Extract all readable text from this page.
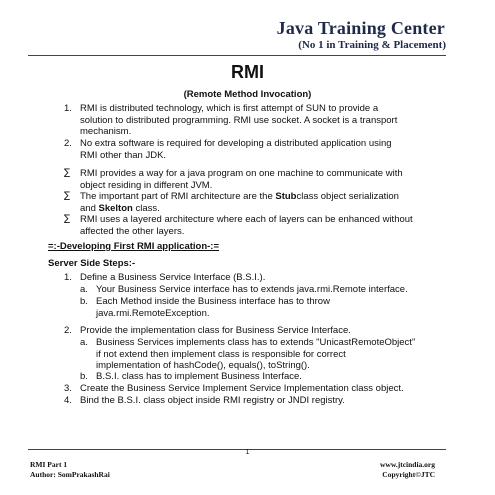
Java Training Center
(No 1 in Training & Placement)
RMI
(Remote Method Invocation)
1. RMI is distributed technology, which is first attempt of SUN to provide a
solution to distributed programming. RMI use socket. A socket is a transport
mechanism.
2. No extra software is required for developing a distributed application using
RMI other than JDK.
∑ RMI provides a way for a java program on one machine to communicate with
object residing in different JVM.
∑ The important part of RMI architecture are the Stubclass object serialization
and Skelton class.
∑ RMI uses a layered architecture where each of layers can be enhanced without
affected the other layers.
=:-Developing First RMI application-:=
Server Side Steps:-
1. Define a Business Service Interface (B.S.I.).
a. Your Business Service interface has to extends java.rmi.Remote interface.
b. Each Method inside the Business interface has to throw
java.rmi.RemoteException.
2. Provide the implementation class for Business Service Interface.
a. Business Services implements class has to extends "UnicastRemoteObject"
if not extend then implement class is responsible for correct
implementation of hashCode(), equals(), toString().
b. B.S.I. class has to implement Business Interface.
3. Create the Business Service Implement Service Implementation class object.
4. Bind the B.S.I. class object inside RMI registry or JNDI registry.
1
RMI Part 1
Author: SomPrakashRai
www.jtcindia.org
Copyright©JTC
